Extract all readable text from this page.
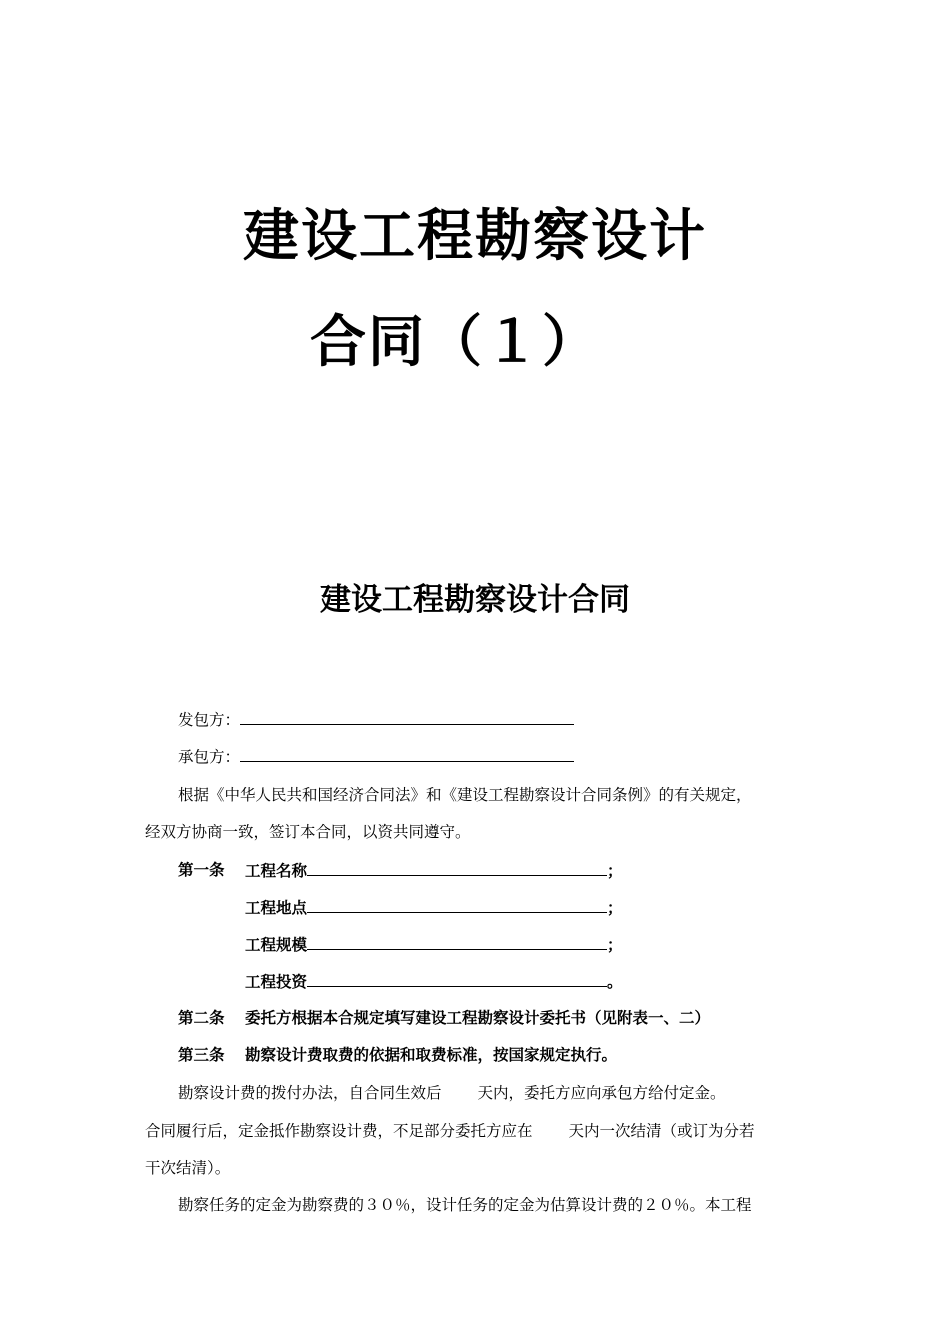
建设工程勘察设计
合同（１）
建设工程勘察设计合同
发包方：
承包方：
根据《中华人民共和国经济合同法》和《建设工程勘察设计合同条例》的有关规定，
经双方协商一致，签订本合同，以资共同遵守。
第一条 工程名称	；
工程地点	；
工程规模	；
工程投资	。
第二条 委托方根据本合规定填写建设工程勘察设计委托书（见附表一、二）
第三条 勘察设计费取费的依据和取费标准，按国家规定执行。
勘察设计费的拨付办法，自合同生效后 天内，委托方应向承包方给付定金。
合同履行后，定金抵作勘察设计费，不足部分委托方应在 天内一次结清（或订为分若
干次结清）。
勘察任务的定金为勘察费的３０％，设计任务的定金为估算设计费的２０％。本工程
